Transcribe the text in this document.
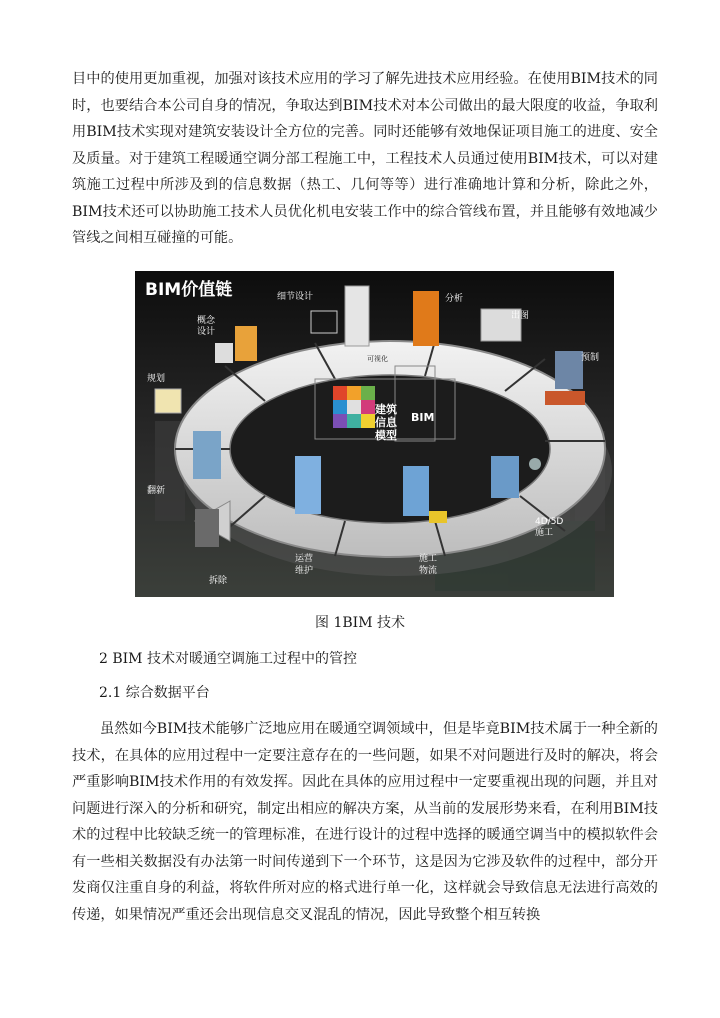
目中的使用更加重视，加强对该技术应用的学习了解先进技术应用经验。在使用BIM技术的同时，也要结合本公司自身的情况，争取达到BIM技术对本公司做出的最大限度的收益，争取利用BIM技术实现对建筑安装设计全方位的完善。同时还能够有效地保证项目施工的进度、安全及质量。对于建筑工程暖通空调分部工程施工中，工程技术人员通过使用BIM技术，可以对建筑施工过程中所涉及到的信息数据（热工、几何等等）进行准确地计算和分析，除此之外，BIM技术还可以协助施工技术人员优化机电安装工作中的综合管线布置，并且能够有效地减少管线之间相互碰撞的可能。

BIM价值链
建筑
信息
模型
BIM
可视化
概念
设计
细节设计	分析
出图
预制
4D/5D
施工
施工
物流
运营
维护
翻新
拆除
规划
图 1BIM 技术
2 BIM 技术对暖通空调施工过程中的管控
2.1 综合数据平台

虽然如今BIM技术能够广泛地应用在暖通空调领域中，但是毕竟BIM技术属于一种全新的技术，在具体的应用过程中一定要注意存在的一些问题，如果不对问题进行及时的解决，将会严重影响BIM技术作用的有效发挥。因此在具体的应用过程中一定要重视出现的问题，并且对问题进行深入的分析和研究，制定出相应的解决方案，从当前的发展形势来看，在利用BIM技术的过程中比较缺乏统一的管理标准，在进行设计的过程中选择的暖通空调当中的模拟软件会有一些相关数据没有办法第一时间传递到下一个环节，这是因为它涉及软件的过程中，部分开发商仅注重自身的利益，将软件所对应的格式进行单一化，这样就会导致信息无法进行高效的传递，如果情况严重还会出现信息交叉混乱的情况，因此导致整个相互转换
